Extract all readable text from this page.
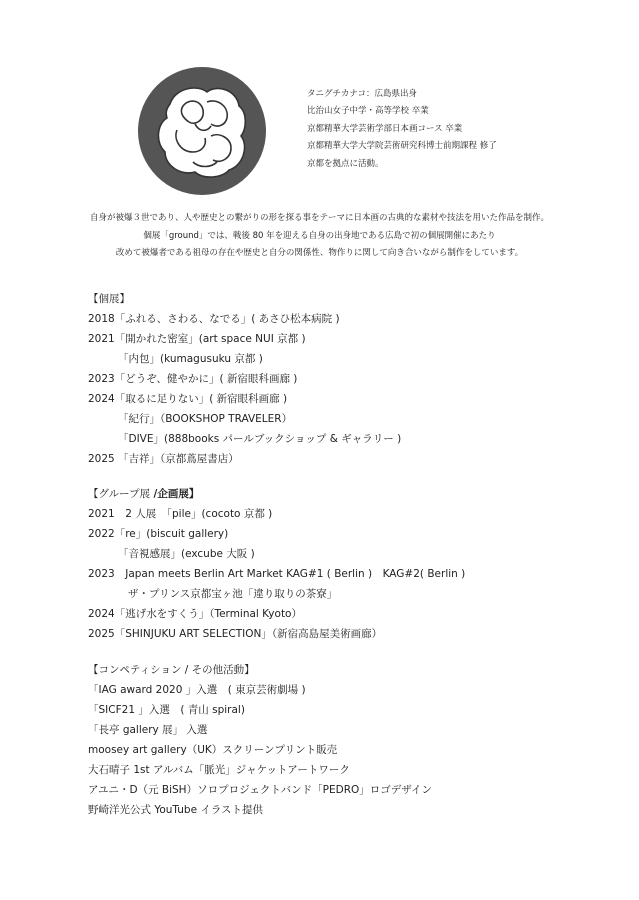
タニグチカナコ：広島県出身
比治山女子中学・高等学校 卒業
京都精華大学芸術学部日本画コース 卒業
京都精華大学大学院芸術研究科博士前期課程 修了
京都を拠点に活動。
自身が被爆３世であり、人や歴史との繋がりの形を探る事をテーマに日本画の古典的な素材や技法を用いた作品を制作。
個展「ground」では、戦後 80 年を迎える自身の出身地である広島で初の個展開催にあたり
改めて被爆者である祖母の存在や歴史と自分の関係性、物作りに関して向き合いながら制作をしています。
【個展】
2018「ふれる、さわる、なでる」( あさひ松本病院 )
2021「開かれた密室」(art space NUI 京都 )
「内包」(kumagusuku 京都 )
2023「どうぞ、健やかに」( 新宿眼科画廊 )
2024「取るに足りない」( 新宿眼科画廊 )
「紀行」（BOOKSHOP TRAVELER）
「DIVE」(888books パールブックショップ & ギャラリー )
2025 「吉祥」（京都蔦屋書店）
【グループ展 /企画展】
2021　2 人展　「pile」(cocoto 京都 )
2022「re」(biscuit gallery)
「音視感展」(excube 大阪 )
2023　Japan meets Berlin Art Market KAG#1 ( Berlin )　KAG#2( Berlin )
ザ・プリンス京都宝ヶ池「違り取りの茶寮」
2024「逃げ水をすくう」（Terminal Kyoto）
2025「SHINJUKU ART SELECTION」（新宿高島屋美術画廊）
【コンペティション / その他活動】
「IAG award 2020 」入選　( 東京芸術劇場 )
「SICF21 」入選　( 青山 spiral)
「長亭 gallery 展」 入選
moosey art gallery（UK）スクリーンプリント販売
大石晴子 1st アルバム「脈光」ジャケットアートワーク
アユニ・D（元 BiSH）ソロプロジェクトバンド「PEDRO」ロゴデザイン
野崎洋光公式 YouTube イラスト提供
